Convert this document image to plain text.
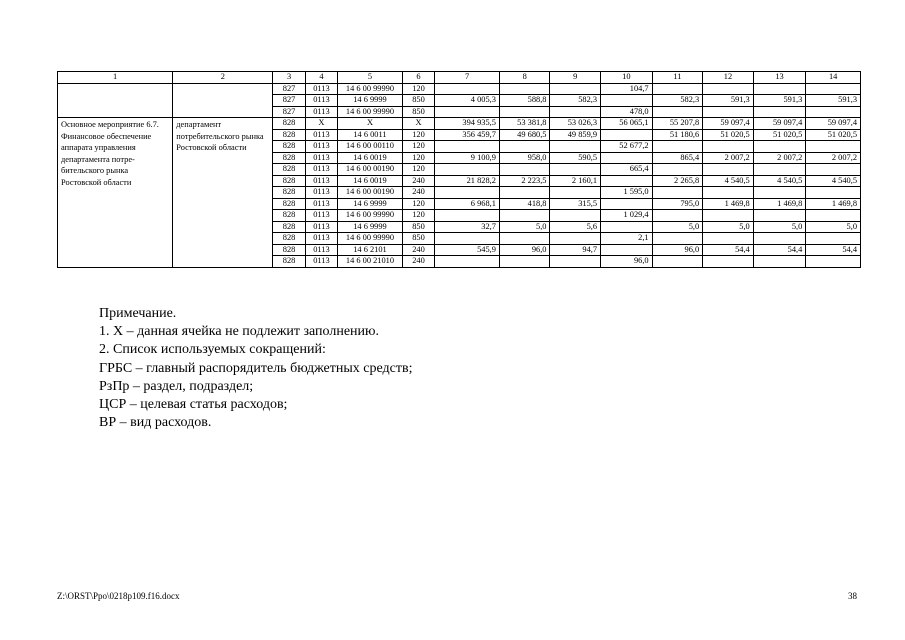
1	2	3	4	5	6	7	8	9	10	11	12	13	14
		827	0113	14 6 00 99990	120				104,7				
		827	0113	14 6 9999	850	4 005,3	588,8	582,3		582,3	591,3	591,3	591,3
		827	0113	14 6 00 99990	850				478,0				
Основное мероприятие 6.7. Финансовое обеспечение аппарата управления департамента потре-бительского рынка Ростовской области	департамент потребительского рынка Ростовской области	828	X	X	X	394 935,5	53 381,8	53 026,3	56 065,1	55 207,8	59 097,4	59 097,4	59 097,4
		828	0113	14 6 0011	120	356 459,7	49 680,5	49 859,9		51 180,6	51 020,5	51 020,5	51 020,5
		828	0113	14 6 00 00110	120				52 677,2				
		828	0113	14 6 0019	120	9 100,9	958,0	590,5		865,4	2 007,2	2 007,2	2 007,2
		828	0113	14 6 00 00190	120				665,4				
		828	0113	14 6 0019	240	21 828,2	2 223,5	2 160,1		2 265,8	4 540,5	4 540,5	4 540,5
		828	0113	14 6 00 00190	240				1 595,0				
		828	0113	14 6 9999	120	6 968,1	418,8	315,5		795,0	1 469,8	1 469,8	1 469,8
		828	0113	14 6 00 99990	120				1 029,4				
		828	0113	14 6 9999	850	32,7	5,0	5,6		5,0	5,0	5,0	5,0
		828	0113	14 6 00 99990	850				2,1				
		828	0113	14 6 2101	240	545,9	96,0	94,7		96,0	54,4	54,4	54,4
		828	0113	14 6 00 21010	240				96,0				
Примечание.
1. X – данная ячейка не подлежит заполнению.
2. Список используемых сокращений:
ГРБС – главный распорядитель бюджетных средств;
РзПр – раздел, подраздел;
ЦСР – целевая статья расходов;
ВР – вид расходов.
Z:\ORST\Ppo\0218p109.f16.docx	38
